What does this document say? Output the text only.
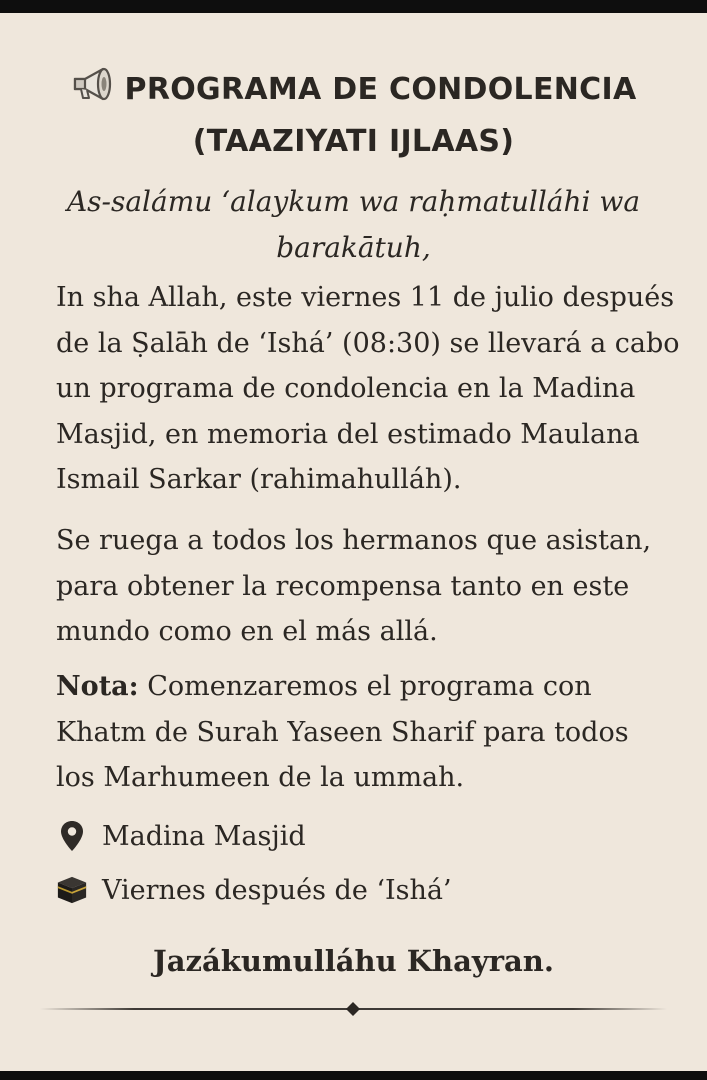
PROGRAMA DE CONDOLENCIA
(TAAZIYATI IJLAAS)
As-salámu ‘alaykum wa raḥmatulláhi wa
barakātuh,
In sha Allah, este viernes 11 de julio después
de la Ṣalāh de ‘Ishá’ (08:30) se llevará a cabo
un programa de condolencia en la Madina
Masjid, en memoria del estimado Maulana
Ismail Sarkar (rahimahulláh).
Se ruega a todos los hermanos que asistan,
para obtener la recompensa tanto en este
mundo como en el más allá.
Nota: Comenzaremos el programa con
Khatm de Surah Yaseen Sharif para todos
los Marhumeen de la ummah.
Madina Masjid
Viernes después de ‘Ishá’
Jazákumulláhu Khayran.
